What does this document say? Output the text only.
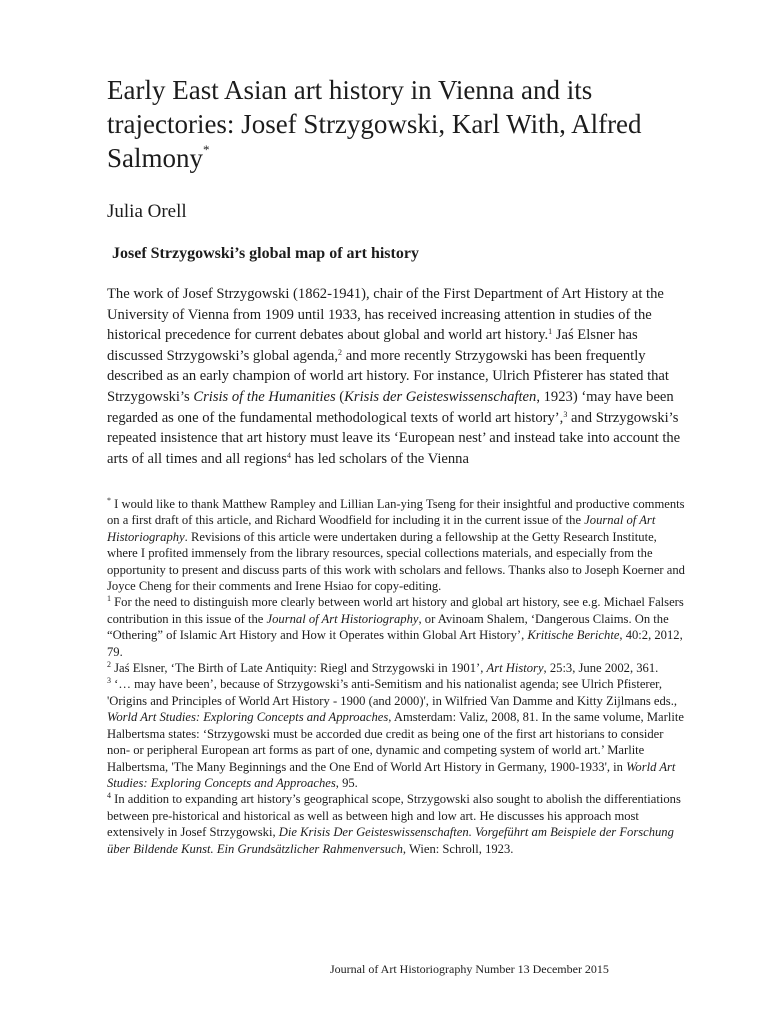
Early East Asian art history in Vienna and its trajectories: Josef Strzygowski, Karl With, Alfred Salmony*

Julia Orell

Josef Strzygowski’s global map of art history

The work of Josef Strzygowski (1862-1941), chair of the First Department of Art History at the University of Vienna from 1909 until 1933, has received increasing attention in studies of the historical precedence for current debates about global and world art history.$^1$ Jaś Elsner has discussed Strzygowski’s global agenda,$^2$ and more recently Strzygowski has been frequently described as an early champion of world art history. For instance, Ulrich Pfisterer has stated that Strzygowski’s Crisis of the Humanities (Krisis der Geisteswissenschaften, 1923) ‘may have been regarded as one of the fundamental methodological texts of world art history’,$^3$ and Strzygowski’s repeated insistence that art history must leave its ‘European nest’ and instead take into account the arts of all times and all regions$^4$ has led scholars of the Vienna

* I would like to thank Matthew Rampley and Lillian Lan-ying Tseng for their insightful and productive comments on a first draft of this article, and Richard Woodfield for including it in the current issue of the Journal of Art Historiography. Revisions of this article were undertaken during a fellowship at the Getty Research Institute, where I profited immensely from the library resources, special collections materials, and especially from the opportunity to present and discuss parts of this work with scholars and fellows. Thanks also to Joseph Koerner and Joyce Cheng for their comments and Irene Hsiao for copy-editing.

$^1$ For the need to distinguish more clearly between world art history and global art history, see e.g. Michael Falsers contribution in this issue of the Journal of Art Historiography, or Avinoam Shalem, ‘Dangerous Claims. On the “Othering” of Islamic Art History and How it Operates within Global Art History’, Kritische Berichte, 40:2, 2012, 79.

$^2$ Jaś Elsner, ‘The Birth of Late Antiquity: Riegl and Strzygowski in 1901’, Art History, 25:3, June 2002, 361.

$^3$ ‘… may have been’, because of Strzygowski’s anti-Semitism and his nationalist agenda; see Ulrich Pfisterer, 'Origins and Principles of World Art History - 1900 (and 2000)', in Wilfried Van Damme and Kitty Zijlmans eds., World Art Studies: Exploring Concepts and Approaches, Amsterdam: Valiz, 2008, 81. In the same volume, Marlite Halbertsma states: ‘Strzygowski must be accorded due credit as being one of the first art historians to consider non- or peripheral European art forms as part of one, dynamic and competing system of world art.’ Marlite Halbertsma, 'The Many Beginnings and the One End of World Art History in Germany, 1900-1933', in World Art Studies: Exploring Concepts and Approaches, 95.

$^4$ In addition to expanding art history’s geographical scope, Strzygowski also sought to abolish the differentiations between pre-historical and historical as well as between high and low art. He discusses his approach most extensively in Josef Strzygowski, Die Krisis Der Geisteswissenschaften. Vorgeführt am Beispiele der Forschung über Bildende Kunst. Ein Grundsätzlicher Rahmenversuch, Wien: Schroll, 1923.

Journal of Art Historiography Number 13 December 2015
